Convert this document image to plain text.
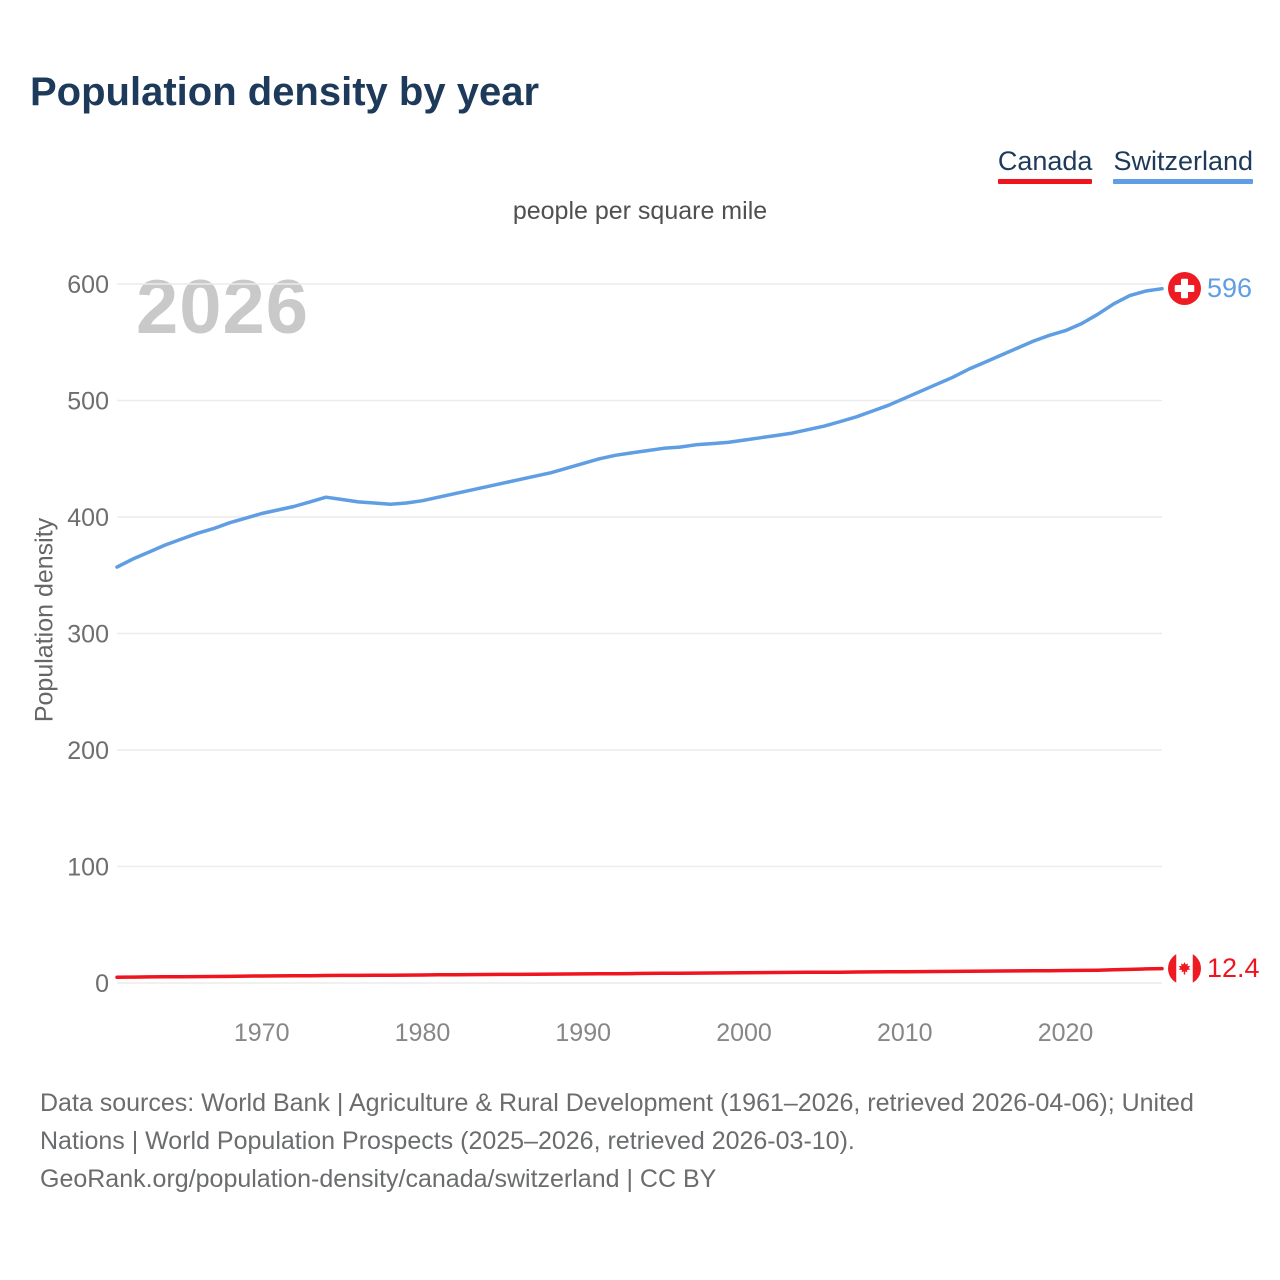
Population density by year
Canada Switzerland
people per square mile
2026
Population density
0
100
200
300
400
500
600
1970	1980	1990	2000	2010	2020
596
12.4
Data sources: World Bank | Agriculture & Rural Development (1961–2026, retrieved 2026-04-06); United
Nations | World Population Prospects (2025–2026, retrieved 2026-03-10).
GeoRank.org/population-density/canada/switzerland | CC BY
